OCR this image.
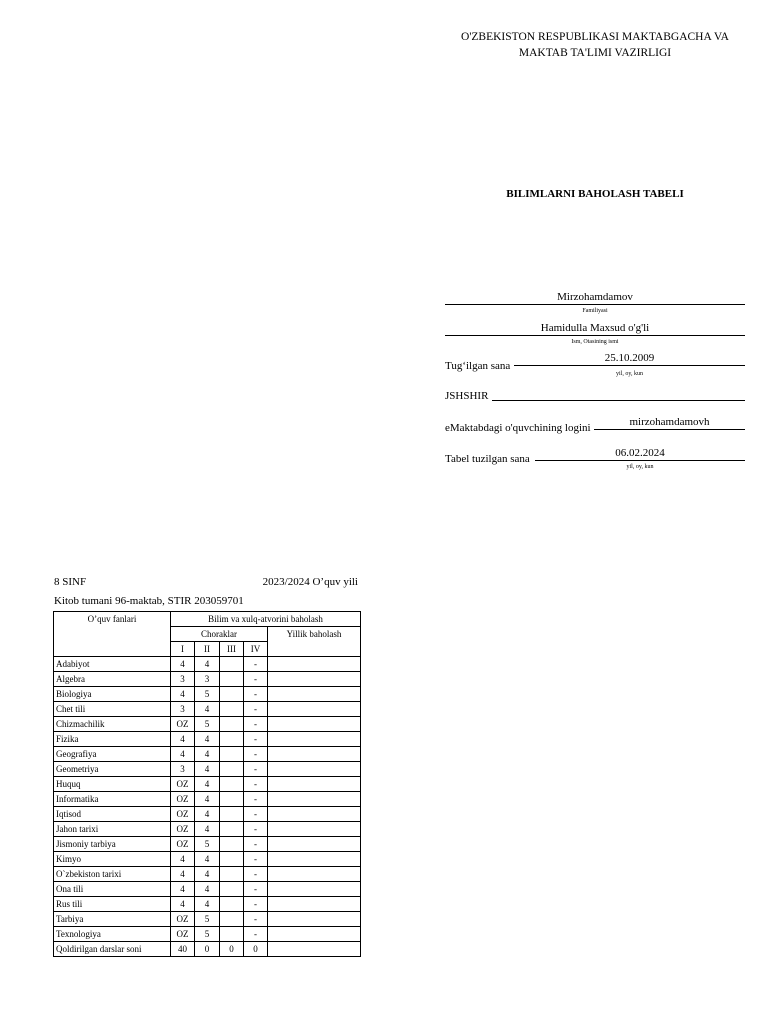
O'ZBEKISTON RESPUBLIKASI MAKTABGACHA VA
MAKTAB TA'LIMI VAZIRLIGI
BILIMLARNI BAHOLASH TABELI
Mirzohamdamov
Familiyasi
Hamidulla Maxsud o'g'li
Ism, Otasining ismi
Tug‘ilgan sana
25.10.2009
yil, oy, kun
JSHSHIR
eMaktabdagi o'quvchining logini	mirzohamdamovh
Tabel tuzilgan sana	06.02.2024
yil, oy, kun
8 SINF	2023/2024 O’quv yili
Kitob tumani 96-maktab, STIR 203059701
O’quv fanlari	Bilim va xulq-atvorini baholash				
	Choraklar				Yillik baholash
	I	II	III	IV	
Adabiyot	4	4		-	
Algebra	3	3		-	
Biologiya	4	5		-	
Chet tili	3	4		-	
Chizmachilik	OZ	5		-	
Fizika	4	4		-	
Geografiya	4	4		-	
Geometriya	3	4		-	
Huquq	OZ	4		-	
Informatika	OZ	4		-	
Iqtisod	OZ	4		-	
Jahon tarixi	OZ	4		-	
Jismoniy tarbiya	OZ	5		-	
Kimyo	4	4		-	
O`zbekiston tarixi	4	4		-	
Ona tili	4	4		-	
Rus tili	4	4		-	
Tarbiya	OZ	5		-	
Texnologiya	OZ	5		-	
Qoldirilgan darslar soni	40	0	0	0	
